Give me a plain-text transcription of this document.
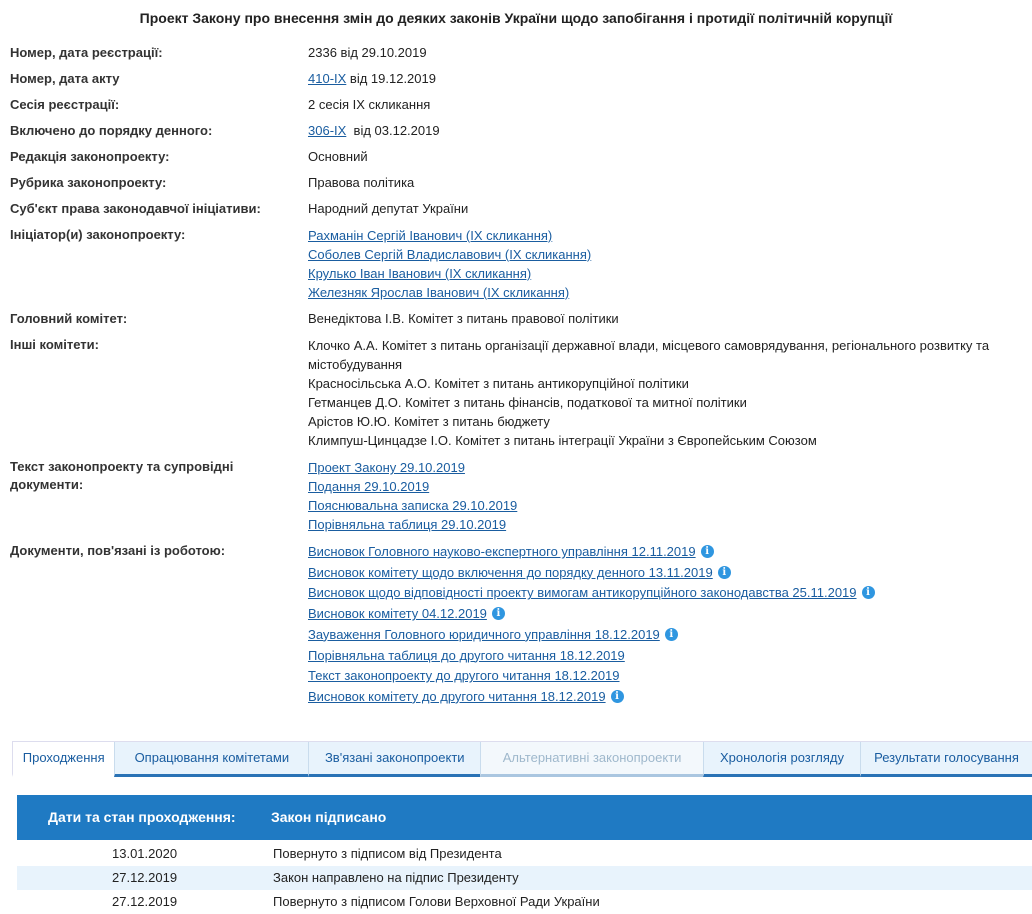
Проект Закону про внесення змін до деяких законів України щодо запобігання і протидії політичній корупції
Номер, дата реєстрації:	2336 від 29.10.2019
Номер, дата акту	410-IX від 19.12.2019
Сесія реєстрації:	2 сесія IX скликання
Включено до порядку денного:	306-IX  від 03.12.2019
Редакція законопроекту:	Основний
Рубрика законопроекту:	Правова політика
Суб'єкт права законодавчої ініціативи:	Народний депутат України
Ініціатор(и) законопроекту:	Рахманін Сергій Іванович (IX скликання)
Соболев Сергій Владиславович (IX скликання)
Крулько Іван Іванович (IX скликання)
Железняк Ярослав Іванович (IX скликання)
Головний комітет:	Венедіктова І.В. Комітет з питань правової політики
Інші комітети:	Клочко А.А. Комітет з питань організації державної влади, місцевого самоврядування, регіонального розвитку та містобудування
Красносільська А.О. Комітет з питань антикорупційної політики
Гетманцев Д.О. Комітет з питань фінансів, податкової та митної політики
Арістов Ю.Ю. Комітет з питань бюджету
Климпуш-Цинцадзе І.О. Комітет з питань інтеграції України з Європейським Союзом
Текст законопроекту та супровідні документи:
Проект Закону 29.10.2019
Подання 29.10.2019
Пояснювальна записка 29.10.2019
Порівняльна таблиця 29.10.2019
Документи, пов'язані із роботою:	Висновок Головного науково-експертного управління 12.11.2019 i
Висновок комітету щодо включення до порядку денного 13.11.2019 i
Висновок щодо відповідності проекту вимогам антикорупційного законодавства 25.11.2019 i
Висновок комітету 04.12.2019 i
Зауваження Головного юридичного управління 18.12.2019 i
Порівняльна таблиця до другого читання 18.12.2019
Текст законопроекту до другого читання 18.12.2019
Висновок комітету до другого читання 18.12.2019 i
Проходження	Опрацювання комітетами	Зв'язані законопроекти	Альтернативні законопроекти	Хронологія розгляду	Результати голосування
Дати та стан проходження:	Закон підписано
13.01.2020	Повернуто з підписом від Президента
27.12.2019	Закон направлено на підпис Президенту
27.12.2019	Повернуто з підписом Голови Верховної Ради України
